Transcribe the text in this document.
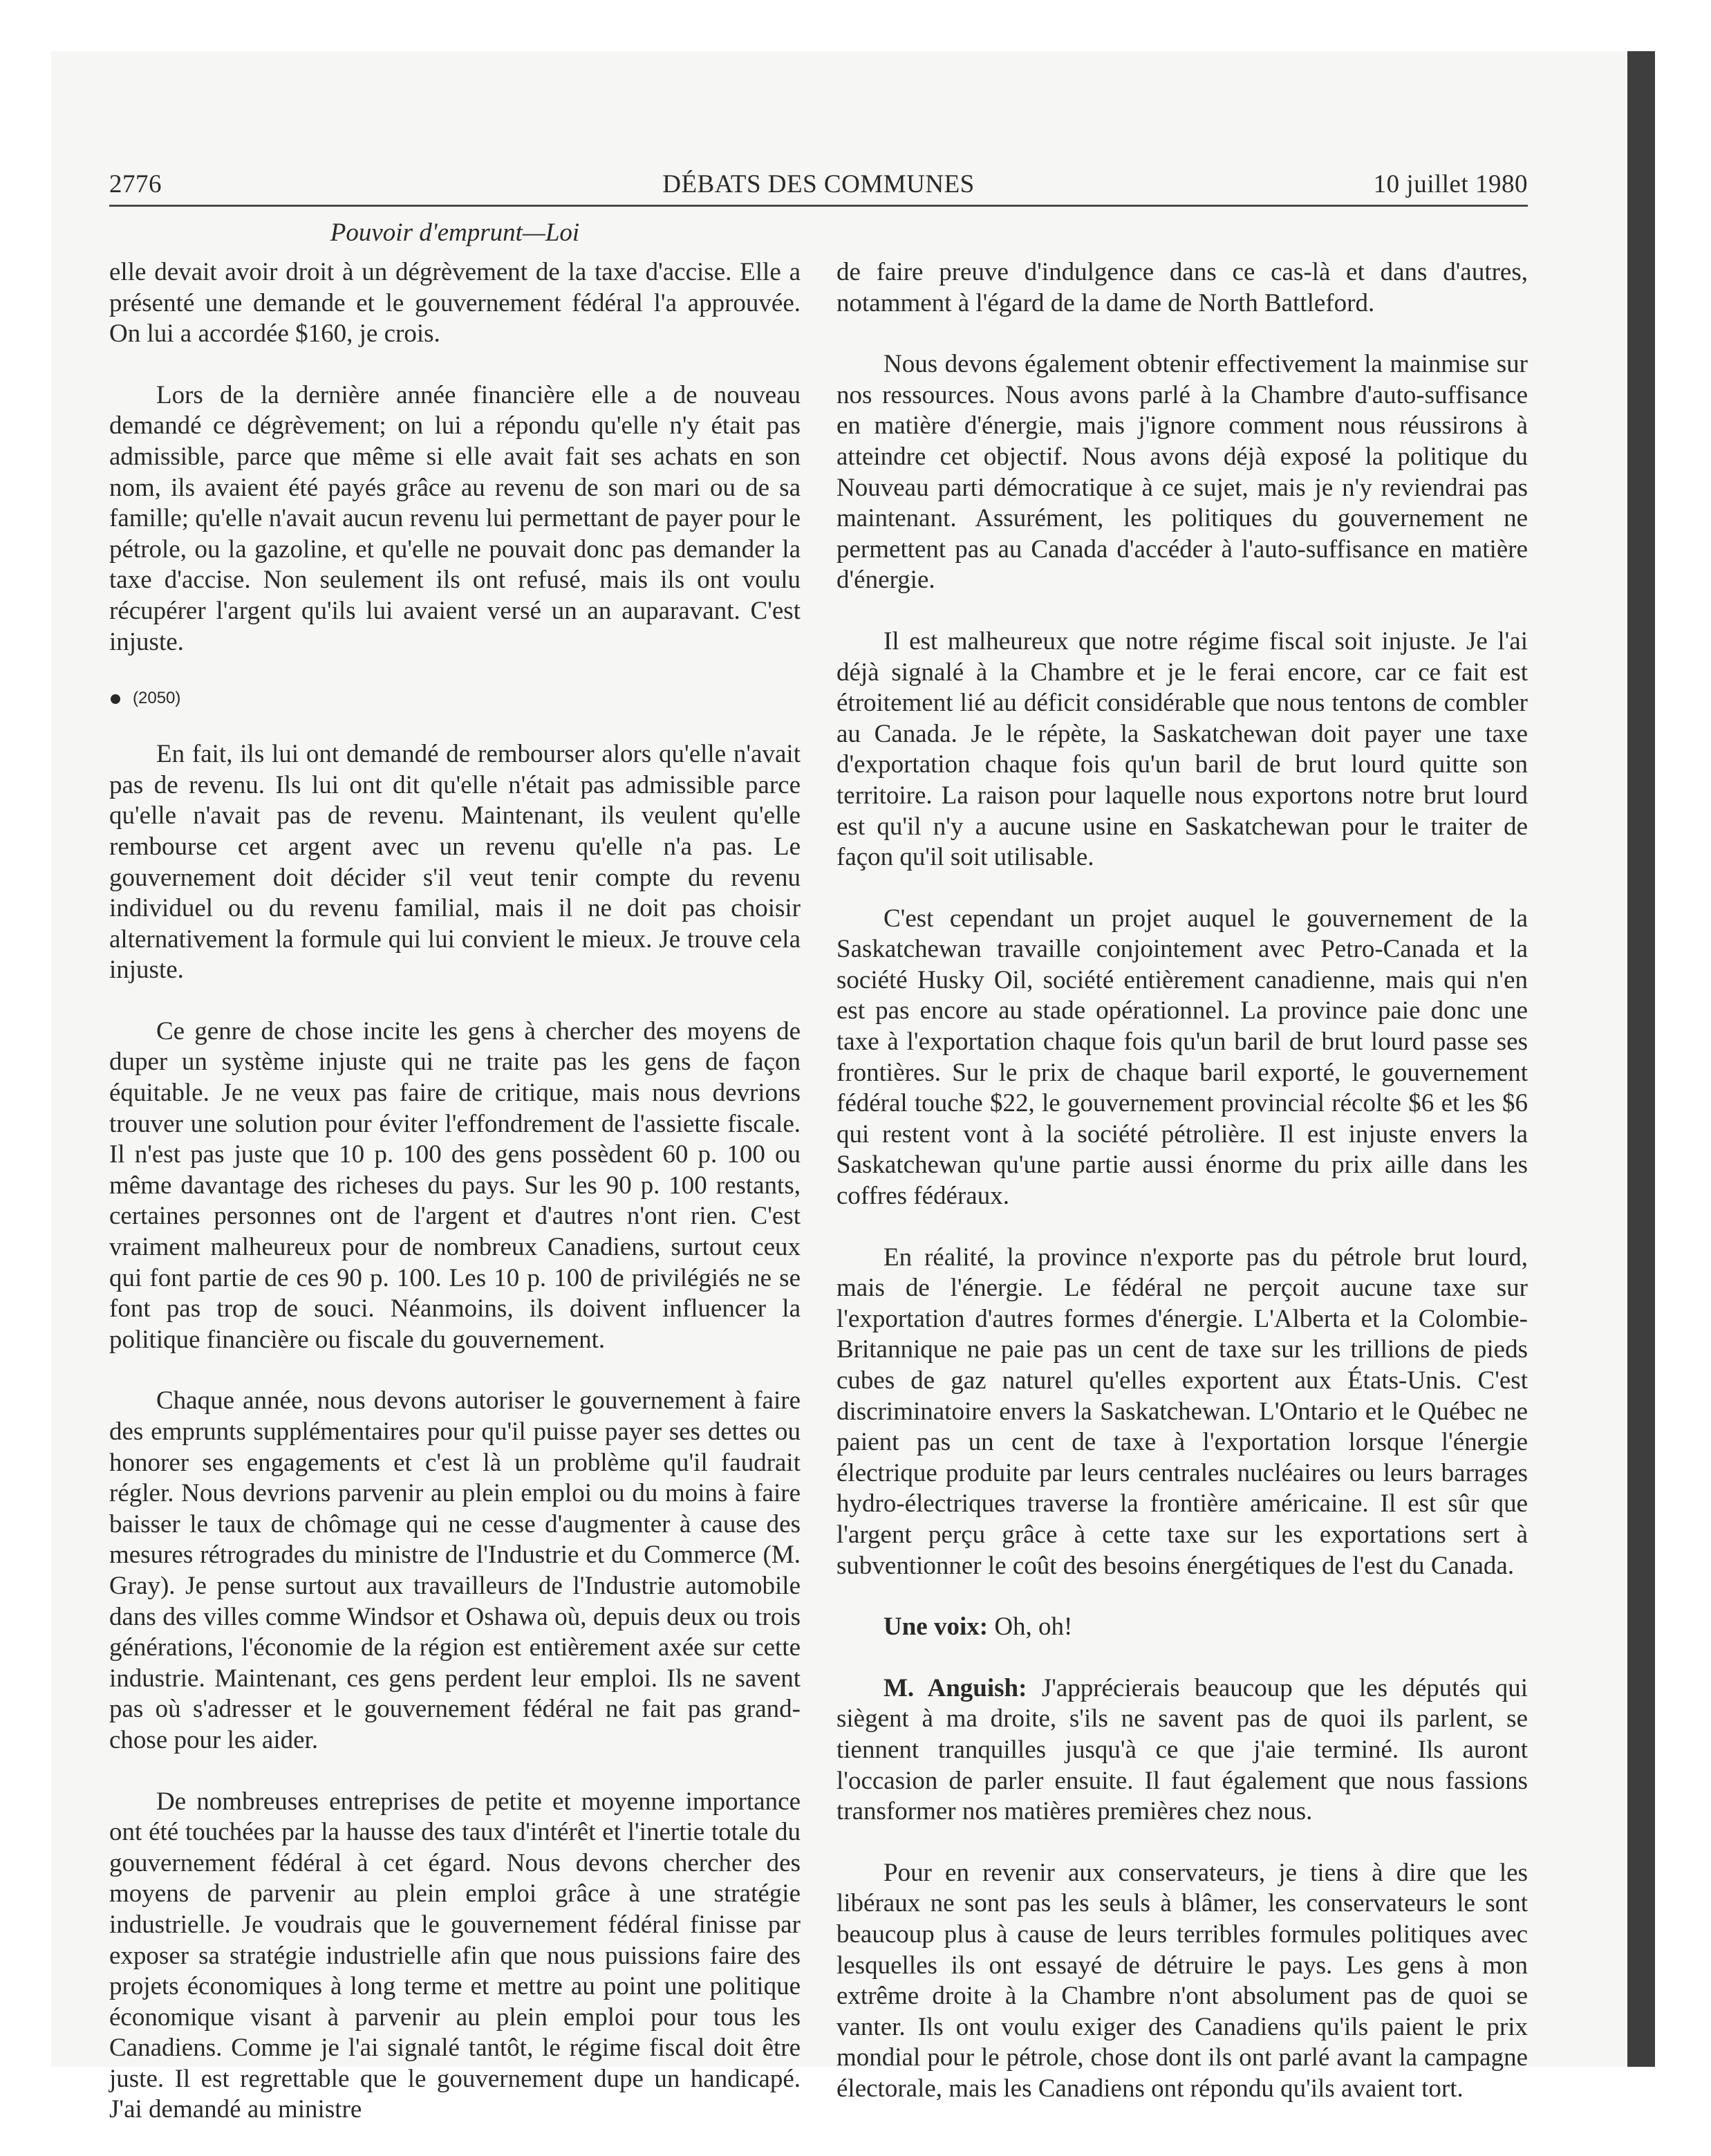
DÉBATS DES COMMUNES
2776	10 juillet 1980
Pouvoir d'emprunt—Loi

elle devait avoir droit à un dégrèvement de la taxe d'accise. Elle a présenté une demande et le gouvernement fédéral l'a approuvée. On lui a accordée $160, je crois.

Lors de la dernière année financière elle a de nouveau demandé ce dégrèvement; on lui a répondu qu'elle n'y était pas admissible, parce que même si elle avait fait ses achats en son nom, ils avaient été payés grâce au revenu de son mari ou de sa famille; qu'elle n'avait aucun revenu lui permettant de payer pour le pétrole, ou la gazoline, et qu'elle ne pouvait donc pas demander la taxe d'accise. Non seulement ils ont refusé, mais ils ont voulu récupérer l'argent qu'ils lui avaient versé un an auparavant. C'est injuste.

(2050)

En fait, ils lui ont demandé de rembourser alors qu'elle n'avait pas de revenu. Ils lui ont dit qu'elle n'était pas admissible parce qu'elle n'avait pas de revenu. Maintenant, ils veulent qu'elle rembourse cet argent avec un revenu qu'elle n'a pas. Le gouvernement doit décider s'il veut tenir compte du revenu individuel ou du revenu familial, mais il ne doit pas choisir alternativement la formule qui lui convient le mieux. Je trouve cela injuste.

Ce genre de chose incite les gens à chercher des moyens de duper un système injuste qui ne traite pas les gens de façon équitable. Je ne veux pas faire de critique, mais nous devrions trouver une solution pour éviter l'effondrement de l'assiette fiscale. Il n'est pas juste que 10 p. 100 des gens possèdent 60 p. 100 ou même davantage des richeses du pays. Sur les 90 p. 100 restants, certaines personnes ont de l'argent et d'autres n'ont rien. C'est vraiment malheureux pour de nombreux Canadiens, surtout ceux qui font partie de ces 90 p. 100. Les 10 p. 100 de privilégiés ne se font pas trop de souci. Néanmoins, ils doivent influencer la politique financière ou fiscale du gouvernement.

Chaque année, nous devons autoriser le gouvernement à faire des emprunts supplémentaires pour qu'il puisse payer ses dettes ou honorer ses engagements et c'est là un problème qu'il faudrait régler. Nous devrions parvenir au plein emploi ou du moins à faire baisser le taux de chômage qui ne cesse d'augmenter à cause des mesures rétrogrades du ministre de l'Industrie et du Commerce (M. Gray). Je pense surtout aux travailleurs de l'Industrie automobile dans des villes comme Windsor et Oshawa où, depuis deux ou trois générations, l'économie de la région est entièrement axée sur cette industrie. Maintenant, ces gens perdent leur emploi. Ils ne savent pas où s'adresser et le gouvernement fédéral ne fait pas grand-chose pour les aider.

De nombreuses entreprises de petite et moyenne importance ont été touchées par la hausse des taux d'intérêt et l'inertie totale du gouvernement fédéral à cet égard. Nous devons chercher des moyens de parvenir au plein emploi grâce à une stratégie industrielle. Je voudrais que le gouvernement fédéral finisse par exposer sa stratégie industrielle afin que nous puissions faire des projets économiques à long terme et mettre au point une politique économique visant à parvenir au plein emploi pour tous les Canadiens. Comme je l'ai signalé tantôt, le régime fiscal doit être juste. Il est regrettable que le gouvernement dupe un handicapé. J'ai demandé au ministre

de faire preuve d'indulgence dans ce cas-là et dans d'autres, notamment à l'égard de la dame de North Battleford.

Nous devons également obtenir effectivement la mainmise sur nos ressources. Nous avons parlé à la Chambre d'auto-suffisance en matière d'énergie, mais j'ignore comment nous réussirons à atteindre cet objectif. Nous avons déjà exposé la politique du Nouveau parti démocratique à ce sujet, mais je n'y reviendrai pas maintenant. Assurément, les politiques du gouvernement ne permettent pas au Canada d'accéder à l'auto-suffisance en matière d'énergie.

Il est malheureux que notre régime fiscal soit injuste. Je l'ai déjà signalé à la Chambre et je le ferai encore, car ce fait est étroitement lié au déficit considérable que nous tentons de combler au Canada. Je le répète, la Saskatchewan doit payer une taxe d'exportation chaque fois qu'un baril de brut lourd quitte son territoire. La raison pour laquelle nous exportons notre brut lourd est qu'il n'y a aucune usine en Saskatchewan pour le traiter de façon qu'il soit utilisable.

C'est cependant un projet auquel le gouvernement de la Saskatchewan travaille conjointement avec Petro-Canada et la société Husky Oil, société entièrement canadienne, mais qui n'en est pas encore au stade opérationnel. La province paie donc une taxe à l'exportation chaque fois qu'un baril de brut lourd passe ses frontières. Sur le prix de chaque baril exporté, le gouvernement fédéral touche $22, le gouvernement provincial récolte $6 et les $6 qui restent vont à la société pétrolière. Il est injuste envers la Saskatchewan qu'une partie aussi énorme du prix aille dans les coffres fédéraux.

En réalité, la province n'exporte pas du pétrole brut lourd, mais de l'énergie. Le fédéral ne perçoit aucune taxe sur l'exportation d'autres formes d'énergie. L'Alberta et la Colombie-Britannique ne paie pas un cent de taxe sur les trillions de pieds cubes de gaz naturel qu'elles exportent aux États-Unis. C'est discriminatoire envers la Saskatchewan. L'Ontario et le Québec ne paient pas un cent de taxe à l'exportation lorsque l'énergie électrique produite par leurs centrales nucléaires ou leurs barrages hydro-électriques traverse la frontière américaine. Il est sûr que l'argent perçu grâce à cette taxe sur les exportations sert à subventionner le coût des besoins énergétiques de l'est du Canada.

Une voix: Oh, oh!

M. Anguish: J'apprécierais beaucoup que les députés qui siègent à ma droite, s'ils ne savent pas de quoi ils parlent, se tiennent tranquilles jusqu'à ce que j'aie terminé. Ils auront l'occasion de parler ensuite. Il faut également que nous fassions transformer nos matières premières chez nous.

Pour en revenir aux conservateurs, je tiens à dire que les libéraux ne sont pas les seuls à blâmer, les conservateurs le sont beaucoup plus à cause de leurs terribles formules politiques avec lesquelles ils ont essayé de détruire le pays. Les gens à mon extrême droite à la Chambre n'ont absolument pas de quoi se vanter. Ils ont voulu exiger des Canadiens qu'ils paient le prix mondial pour le pétrole, chose dont ils ont parlé avant la campagne électorale, mais les Canadiens ont répondu qu'ils avaient tort.
